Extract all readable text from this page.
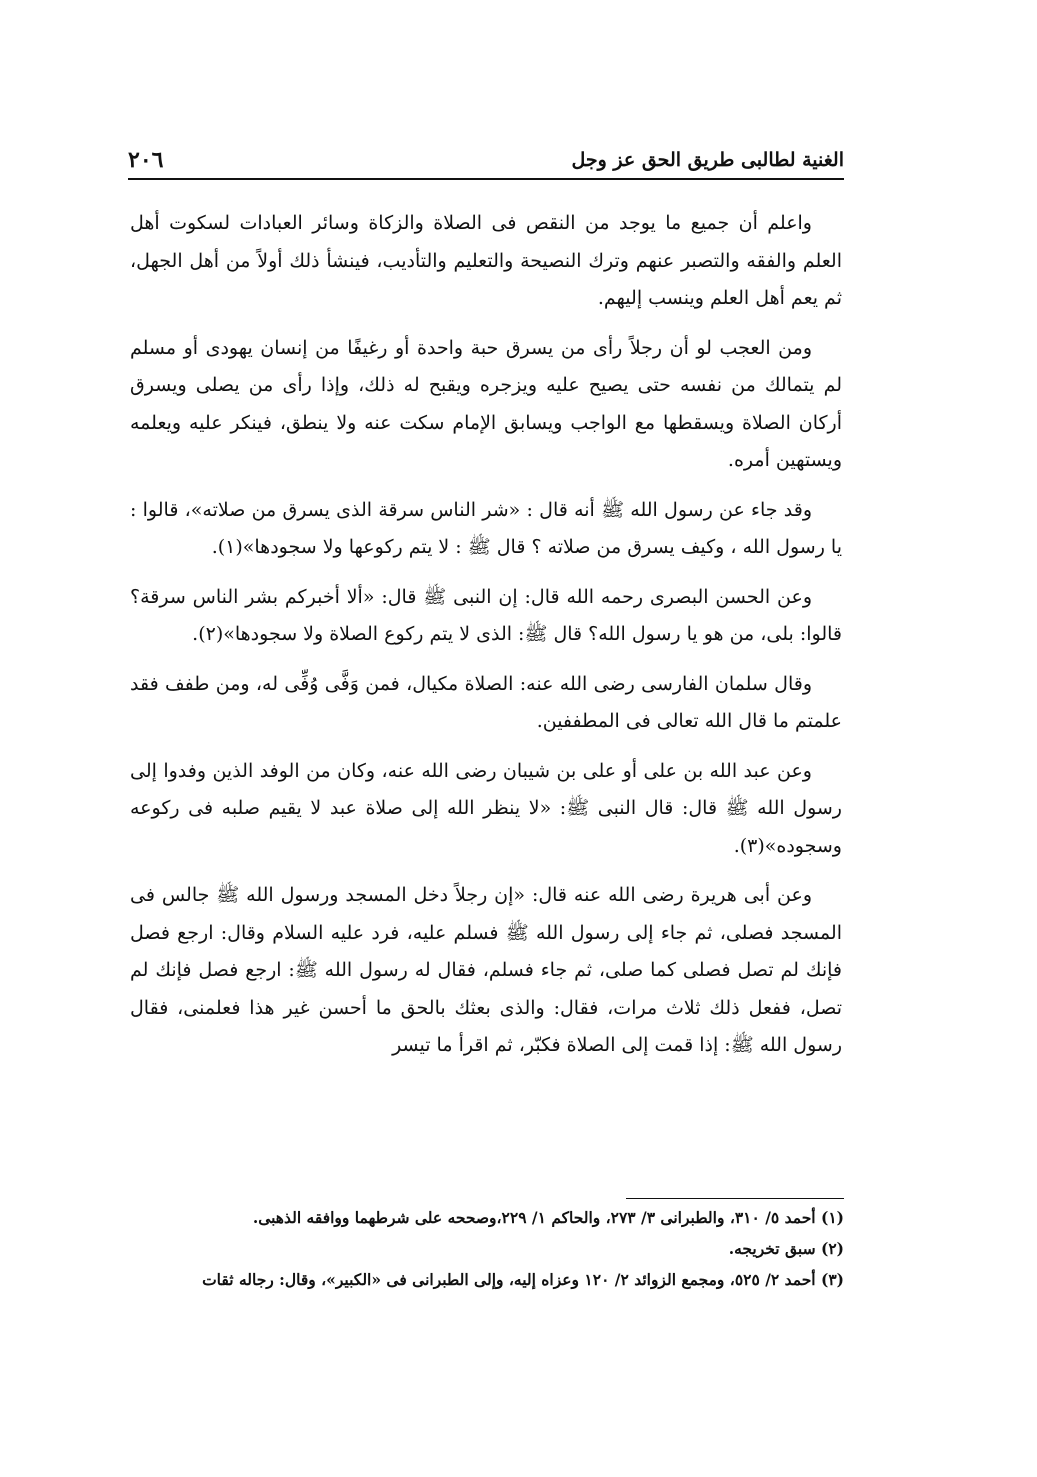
الغنية لطالبى طريق الحق عز وجل
٢٠٦

واعلم أن جميع ما يوجد من النقص فى الصلاة والزكاة وسائر العبادات لسكوت أهل العلم والفقه والتصبر عنهم وترك النصيحة والتعليم والتأديب، فينشأ ذلك أولاً من أهل الجهل، ثم يعم أهل العلم وينسب إليهم.

ومن العجب لو أن رجلاً رأى من يسرق حبة واحدة أو رغيفًا من إنسان يهودى أو مسلم لم يتمالك من نفسه حتى يصيح عليه ويزجره ويقبح له ذلك، وإذا رأى من يصلى ويسرق أركان الصلاة ويسقطها مع الواجب ويسابق الإمام سكت عنه ولا ينطق، فينكر عليه ويعلمه ويستهين أمره.

وقد جاء عن رسول الله ﷺ أنه قال : «شر الناس سرقة الذى يسرق من صلاته»، قالوا : يا رسول الله ، وكيف يسرق من صلاته ؟ قال ﷺ : لا يتم ركوعها ولا سجودها»(١).

وعن الحسن البصرى رحمه الله قال: إن النبى ﷺ قال: «ألا أخبركم بشر الناس سرقة؟ قالوا: بلى، من هو يا رسول الله؟ قال ﷺ: الذى لا يتم ركوع الصلاة ولا سجودها»(٢).

وقال سلمان الفارسى رضى الله عنه: الصلاة مكيال، فمن وَفَّى وُفِّى له، ومن طفف فقد علمتم ما قال الله تعالى فى المطففين.

وعن عبد الله بن على أو على بن شيبان رضى الله عنه، وكان من الوفد الذين وفدوا إلى رسول الله ﷺ قال: قال النبى ﷺ: «لا ينظر الله إلى صلاة عبد لا يقيم صلبه فى ركوعه وسجوده»(٣).

وعن أبى هريرة رضى الله عنه قال: «إن رجلاً دخل المسجد ورسول الله ﷺ جالس فى المسجد فصلى، ثم جاء إلى رسول الله ﷺ فسلم عليه، فرد عليه السلام وقال: ارجع فصل فإنك لم تصل فصلى كما صلى، ثم جاء فسلم، فقال له رسول الله ﷺ: ارجع فصل فإنك لم تصل، ففعل ذلك ثلاث مرات، فقال: والذى بعثك بالحق ما أحسن غير هذا فعلمنى، فقال رسول الله ﷺ: إذا قمت إلى الصلاة فكبّر، ثم اقرأ ما تيسر

(١) أحمد ٥/ ٣١٠، والطبرانى ٣/ ٢٧٣، والحاكم ١/ ٢٢٩،وصححه على شرطهما ووافقه الذهبى.

(٢) سبق تخريجه.

(٣) أحمد ٢/ ٥٢٥، ومجمع الزوائد ٢/ ١٢٠ وعزاه إليه، وإلى الطبرانى فى «الكبير»، وقال: رجاله ثقات
